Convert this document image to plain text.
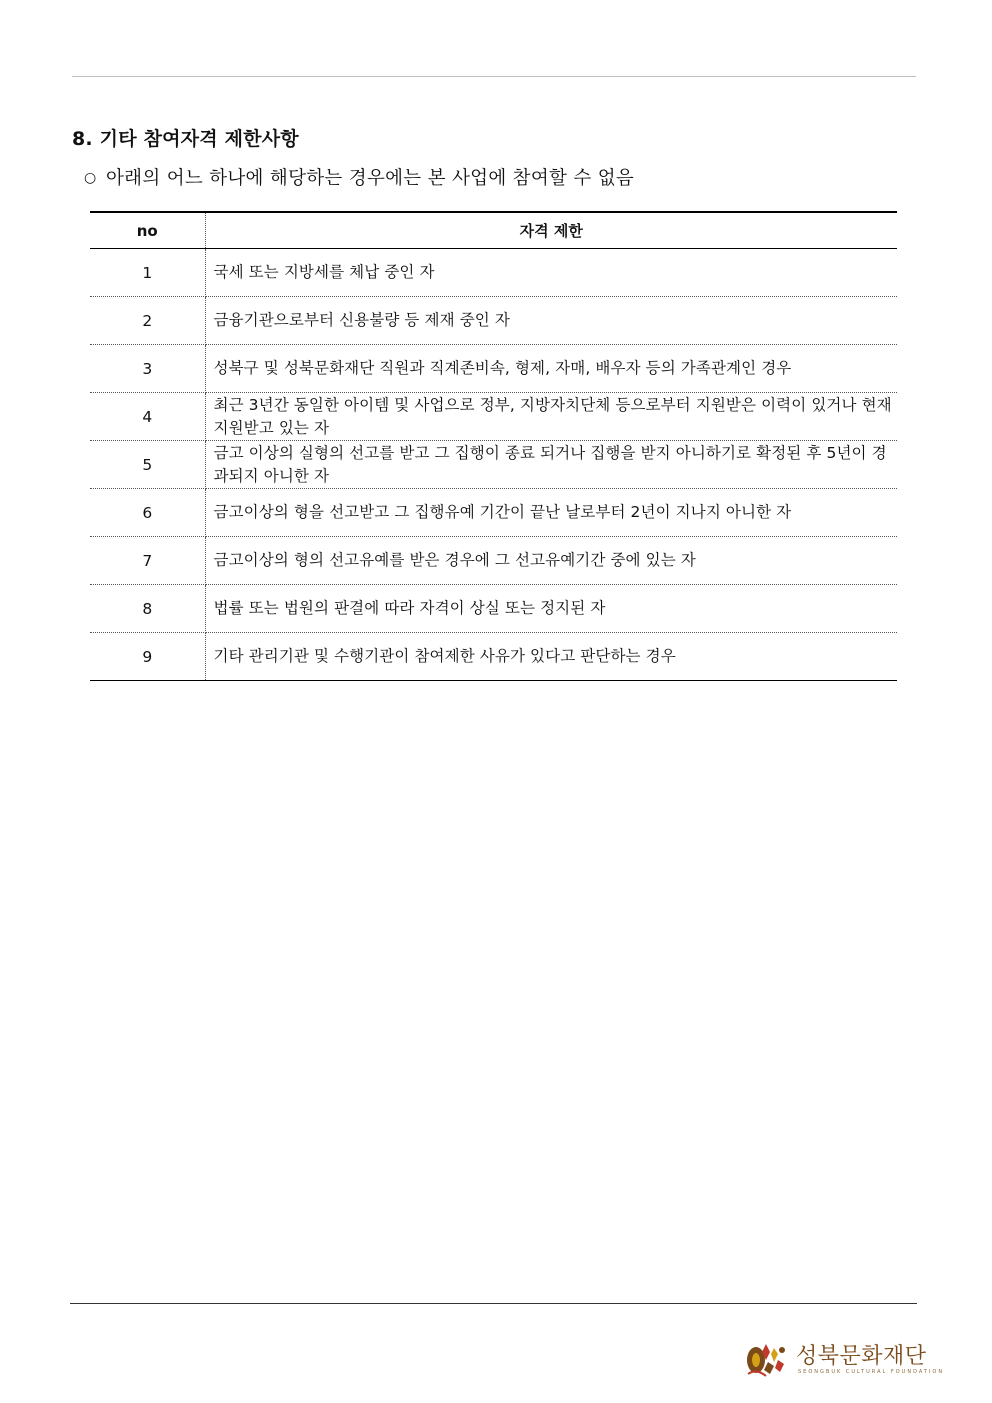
8. 기타 참여자격 제한사항
○ 아래의 어느 하나에 해당하는 경우에는 본 사업에 참여할 수 없음
no	자격 제한
1	국세 또는 지방세를 체납 중인 자
2	금융기관으로부터 신용불량 등 제재 중인 자
3	성북구 및 성북문화재단 직원과 직계존비속, 형제, 자매, 배우자 등의 가족관계인 경우
4	최근 3년간 동일한 아이템 및 사업으로 정부, 지방자치단체 등으로부터 지원받은 이력이 있거나 현재 지원받고 있는 자
5	금고 이상의 실형의 선고를 받고 그 집행이 종료 되거나 집행을 받지 아니하기로 확정된 후 5년이 경과되지 아니한 자
6	금고이상의 형을 선고받고 그 집행유예 기간이 끝난 날로부터 2년이 지나지 아니한 자
7	금고이상의 형의 선고유예를 받은 경우에 그 선고유예기간 중에 있는 자
8	법률 또는 법원의 판결에 따라 자격이 상실 또는 정지된 자
9	기타 관리기관 및 수행기관이 참여제한 사유가 있다고 판단하는 경우
성북문화재단
SEONGBUK CULTURAL FOUNDATION
